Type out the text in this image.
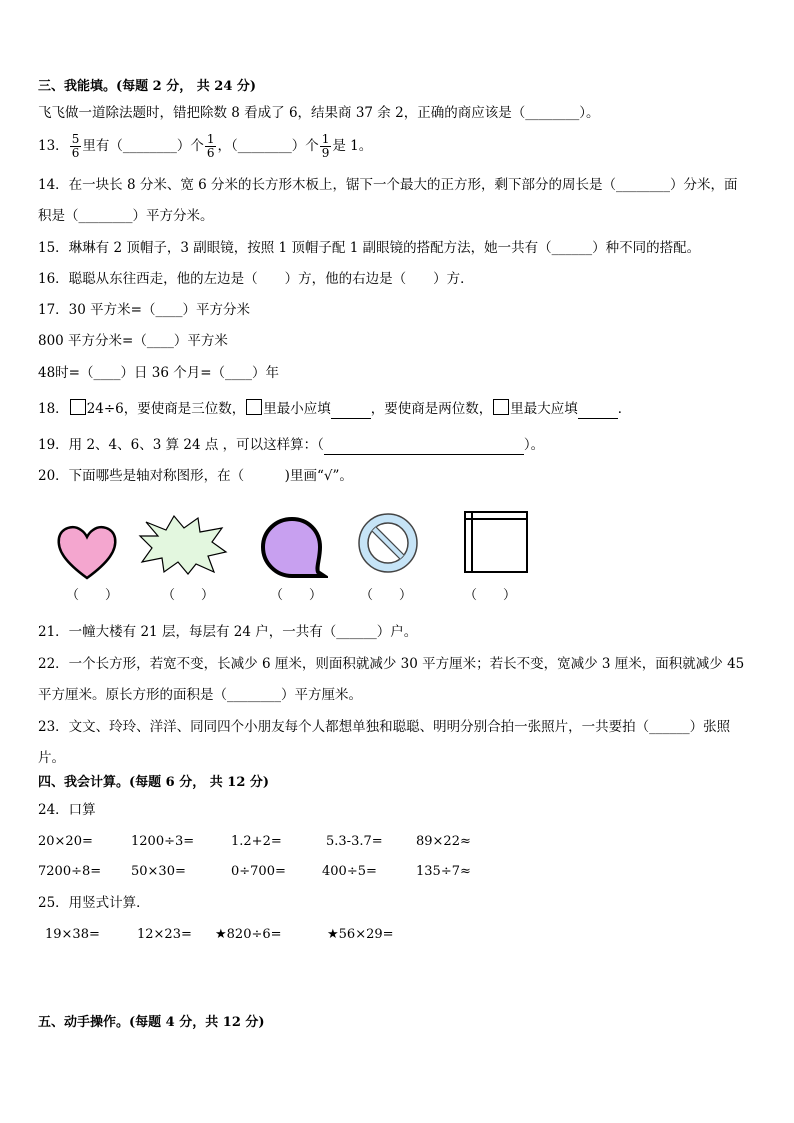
三、我能填。(每题 2 分， 共 24 分)
飞飞做一道除法题时，错把除数 8 看成了 6，结果商 37 余 2，正确的商应该是（________）。
13． $\frac{5}{6}$ 里有（________）个 $\frac{1}{6}$ ，（________）个 $\frac{1}{9}$ 是 1。
14．在一块长 8 分米、宽 6 分米的长方形木板上，锯下一个最大的正方形，剩下部分的周长是（________）分米，面
积是（________）平方分米。
15．琳琳有 2 顶帽子，3 副眼镜，按照 1 顶帽子配 1 副眼镜的搭配方法，她一共有（______）种不同的搭配。
16．聪聪从东往西走，他的左边是（　　）方，他的右边是（　　）方．
17．30 平方米=（____）平方分米
800 平方分米=（____）平方米
48时=（____）日 36 个月=（____）年
18． 24÷6，要使商是三位数， 里最小应填	，要使商是两位数， 里最大应填	．
19．用 2、4、6、3 算 24 点 ，可以这样算：（	）。
20．下面哪些是轴对称图形，在（　　　)里画“√”。
（　　）	（　　）	（　　）	（　　）	（　　）
21．一幢大楼有 21 层，每层有 24 户，一共有（______）户。
22．一个长方形，若宽不变，长减少 6 厘米，则面积就减少 30 平方厘米；若长不变，宽减少 3 厘米，面积就减少 45
平方厘米。原长方形的面积是（________）平方厘米。
23．文文、玲玲、洋洋、同同四个小朋友每个人都想单独和聪聪、明明分别合拍一张照片，一共要拍（______）张照
片。
四、我会计算。(每题 6 分， 共 12 分)
24．口算
20×20=	1200÷3=	1.2+2=	5.3-3.7=	89×22≈
7200÷8= 50×30=	0÷700=	400÷5=	135÷7≈
25．用竖式计算．
19×38=	12×23= ★820÷6=	★56×29=
五、动手操作。(每题 4 分，共 12 分)
